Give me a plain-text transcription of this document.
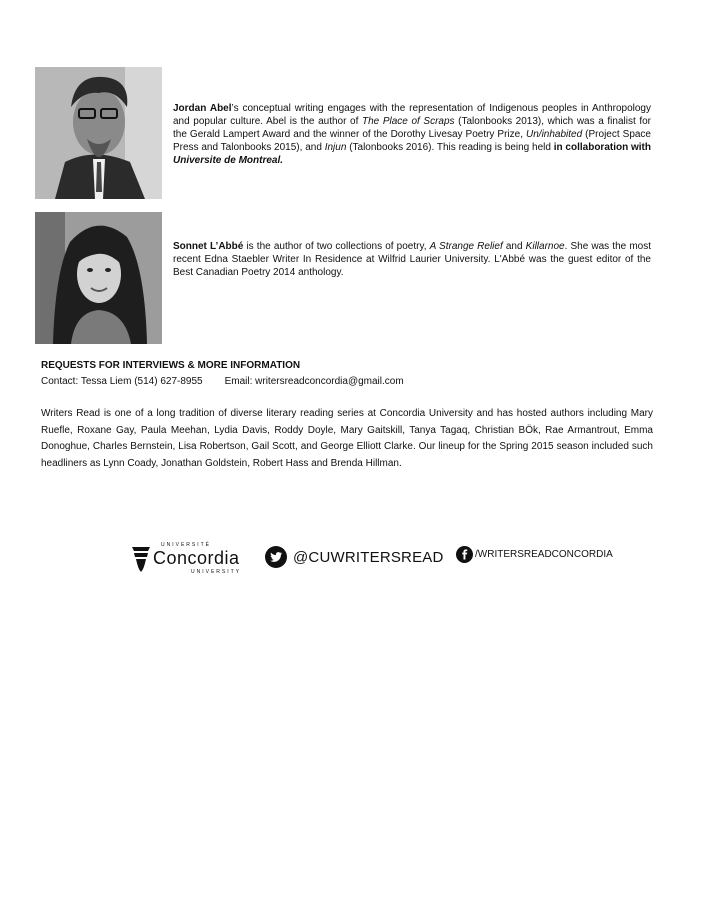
Jordan Abel’s conceptual writing engages with the representation of Indigenous peoples in Anthropology and popular culture. Abel is the author of The Place of Scraps (Talonbooks 2013), which was a finalist for the Gerald Lampert Award and the winner of the Dorothy Livesay Poetry Prize, Un/inhabited (Project Space Press and Talonbooks 2015), and Injun (Talonbooks 2016). This reading is being held in collaboration with Universite de Montreal.

Sonnet L’Abbé is the author of two collections of poetry, A Strange Relief and Killarnoe. She was the most recent Edna Staebler Writer In Residence at Wilfrid Laurier University. L'Abbé was the guest editor of the Best Canadian Poetry 2014 anthology.

REQUESTS FOR INTERVIEWS & MORE INFORMATION
Contact: Tessa Liem (514) 627-8955 Email: writersreadconcordia@gmail.com
Writers Read is one of a long tradition of diverse literary reading series at Concordia University and has hosted authors including Mary Ruefle, Roxane Gay, Paula Meehan, Lydia Davis, Roddy Doyle, Mary Gaitskill, Tanya Tagaq, Christian BÖk, Rae Armantrout, Emma Donoghue, Charles Bernstein, Lisa Robertson, Gail Scott, and George Elliott Clarke. Our lineup for the Spring 2015 season included such headliners as Lynn Coady, Jonathan Goldstein, Robert Hass and Brenda Hillman.
UNIVERSITÉ
Concordia
UNIVERSITY
@CUWRITERSREAD	/WRITERSREADCONCORDIA
